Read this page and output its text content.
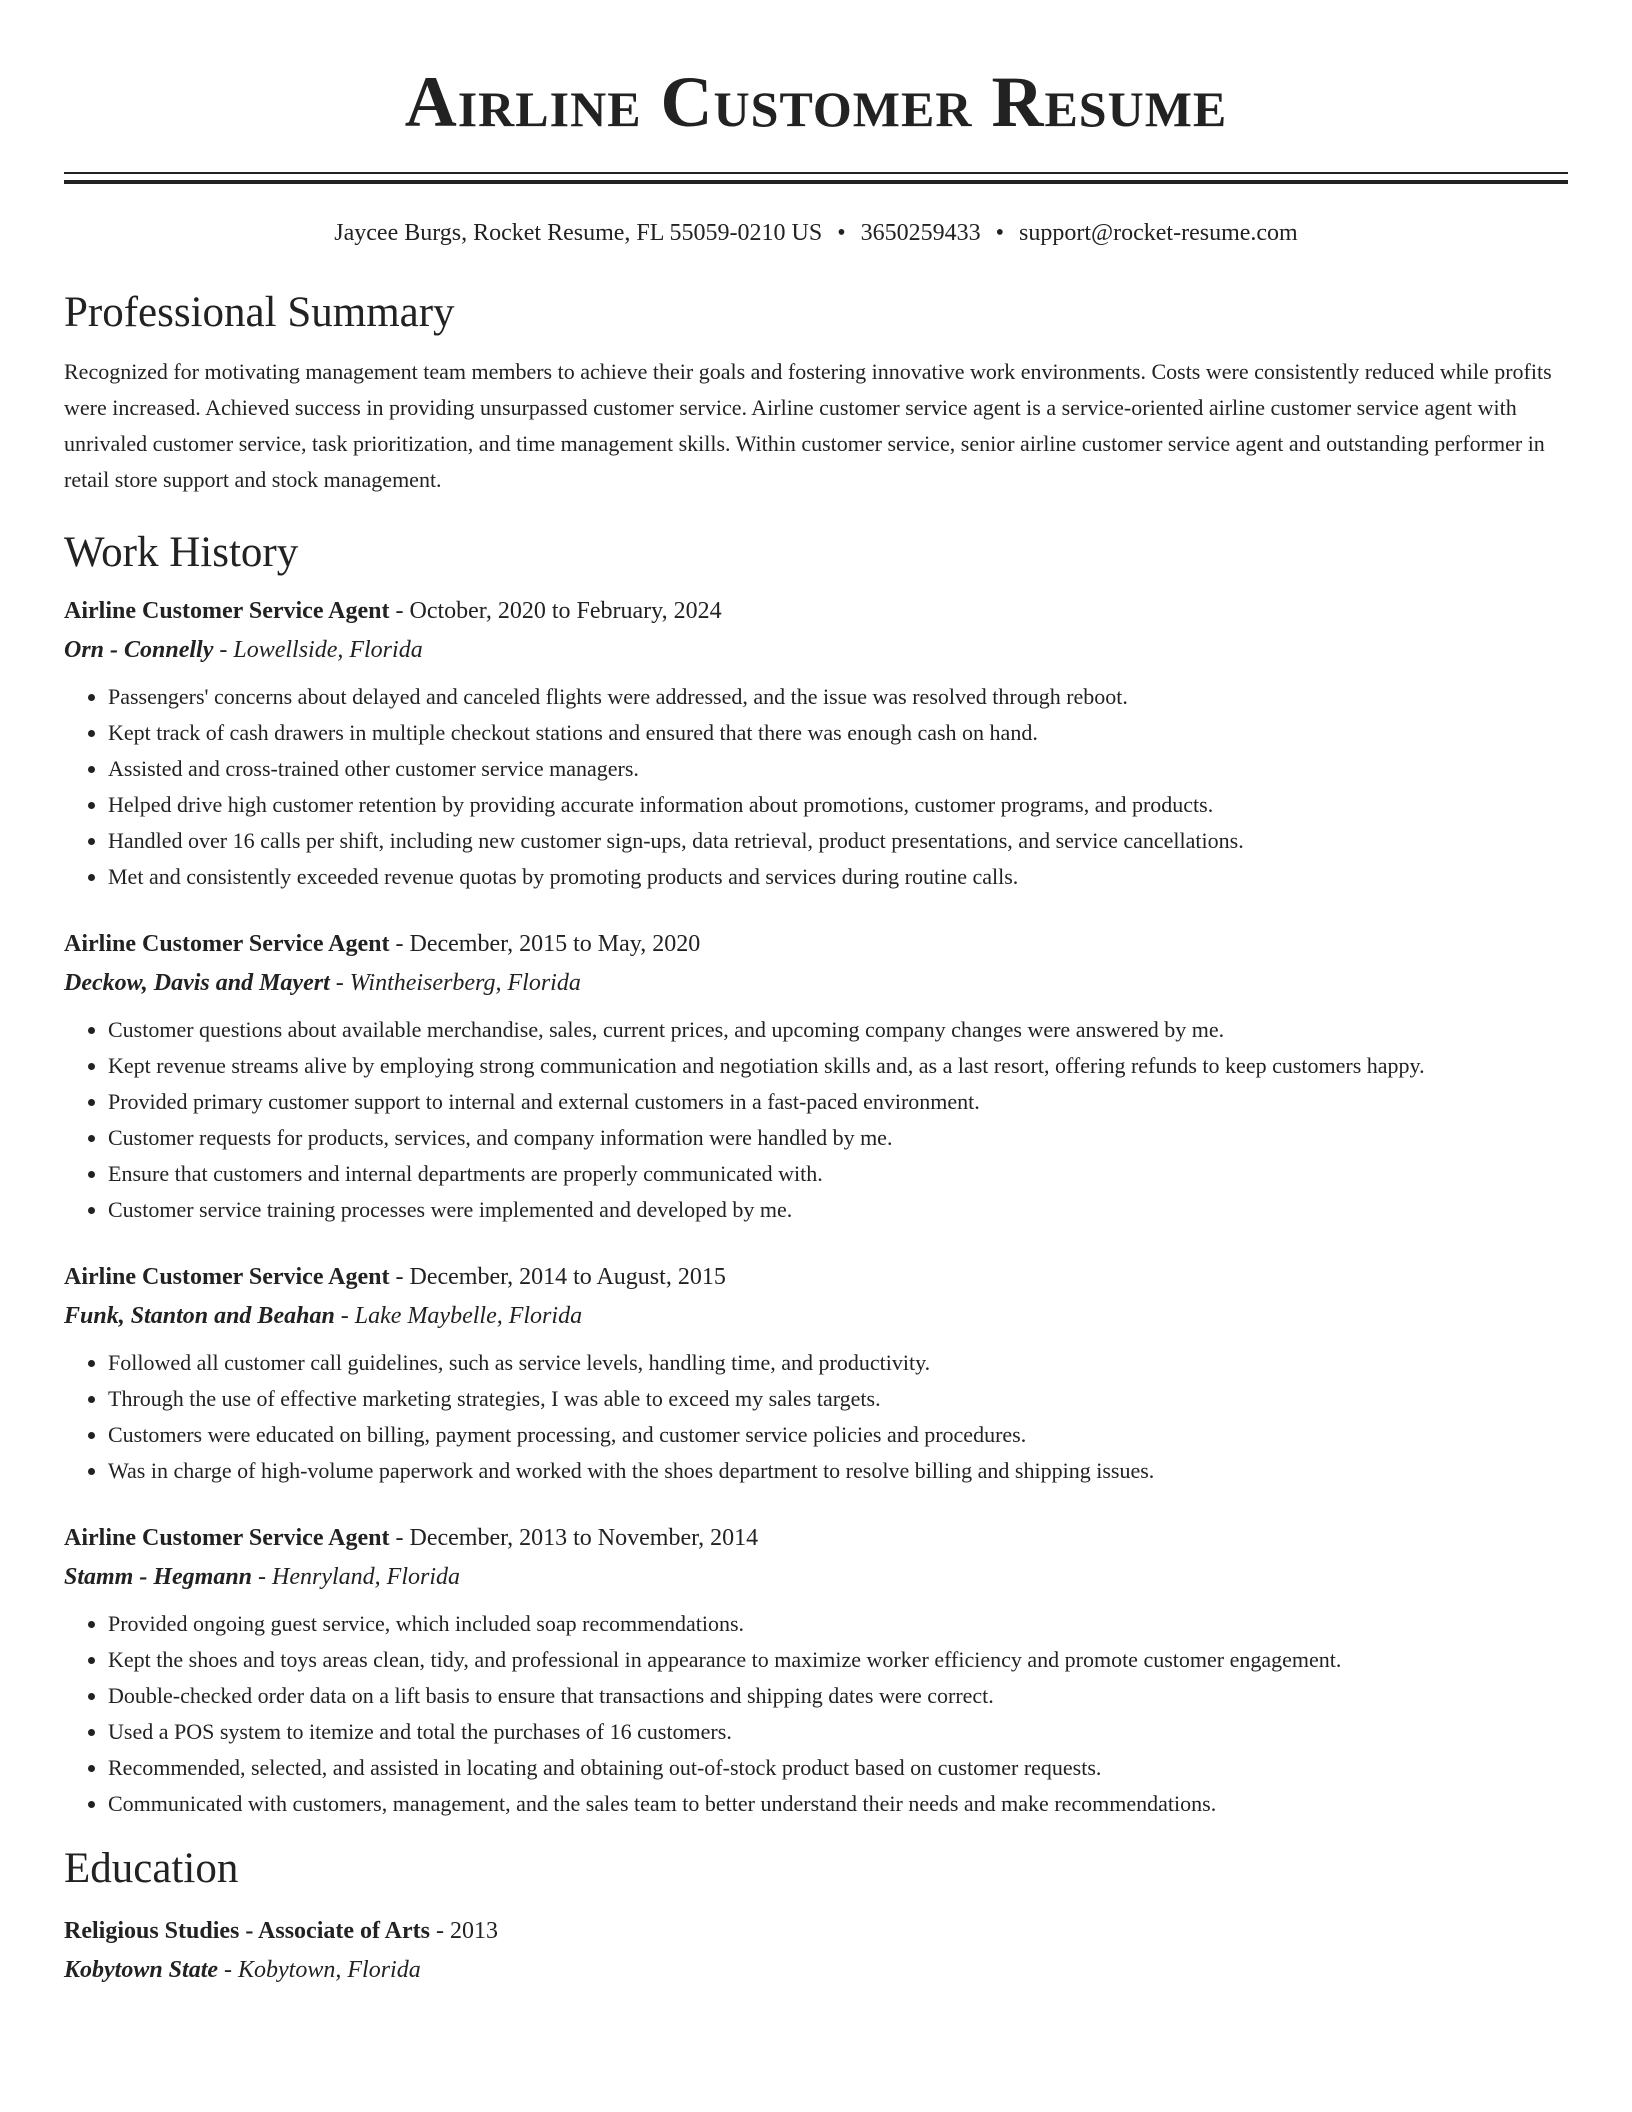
Airline Customer Resume
Jaycee Burgs, Rocket Resume, FL 55059-0210 US • 3650259433 • support@rocket-resume.com
Professional Summary
Recognized for motivating management team members to achieve their goals and fostering innovative work environments. Costs were consistently reduced while profits were increased. Achieved success in providing unsurpassed customer service. Airline customer service agent is a service-oriented airline customer service agent with unrivaled customer service, task prioritization, and time management skills. Within customer service, senior airline customer service agent and outstanding performer in retail store support and stock management.
Work History
Airline Customer Service Agent - October, 2020 to February, 2024
Orn - Connelly - Lowellside, Florida
• Passengers' concerns about delayed and canceled flights were addressed, and the issue was resolved through reboot.
• Kept track of cash drawers in multiple checkout stations and ensured that there was enough cash on hand.
• Assisted and cross-trained other customer service managers.
• Helped drive high customer retention by providing accurate information about promotions, customer programs, and products.
• Handled over 16 calls per shift, including new customer sign-ups, data retrieval, product presentations, and service cancellations.
• Met and consistently exceeded revenue quotas by promoting products and services during routine calls.
Airline Customer Service Agent - December, 2015 to May, 2020
Deckow, Davis and Mayert - Wintheiserberg, Florida
• Customer questions about available merchandise, sales, current prices, and upcoming company changes were answered by me.
• Kept revenue streams alive by employing strong communication and negotiation skills and, as a last resort, offering refunds to keep customers happy.
• Provided primary customer support to internal and external customers in a fast-paced environment.
• Customer requests for products, services, and company information were handled by me.
• Ensure that customers and internal departments are properly communicated with.
• Customer service training processes were implemented and developed by me.
Airline Customer Service Agent - December, 2014 to August, 2015
Funk, Stanton and Beahan - Lake Maybelle, Florida
• Followed all customer call guidelines, such as service levels, handling time, and productivity.
• Through the use of effective marketing strategies, I was able to exceed my sales targets.
• Customers were educated on billing, payment processing, and customer service policies and procedures.
• Was in charge of high-volume paperwork and worked with the shoes department to resolve billing and shipping issues.
Airline Customer Service Agent - December, 2013 to November, 2014
Stamm - Hegmann - Henryland, Florida
• Provided ongoing guest service, which included soap recommendations.
• Kept the shoes and toys areas clean, tidy, and professional in appearance to maximize worker efficiency and promote customer engagement.
• Double-checked order data on a lift basis to ensure that transactions and shipping dates were correct.
• Used a POS system to itemize and total the purchases of 16 customers.
• Recommended, selected, and assisted in locating and obtaining out-of-stock product based on customer requests.
• Communicated with customers, management, and the sales team to better understand their needs and make recommendations.
Education
Religious Studies - Associate of Arts - 2013
Kobytown State - Kobytown, Florida
